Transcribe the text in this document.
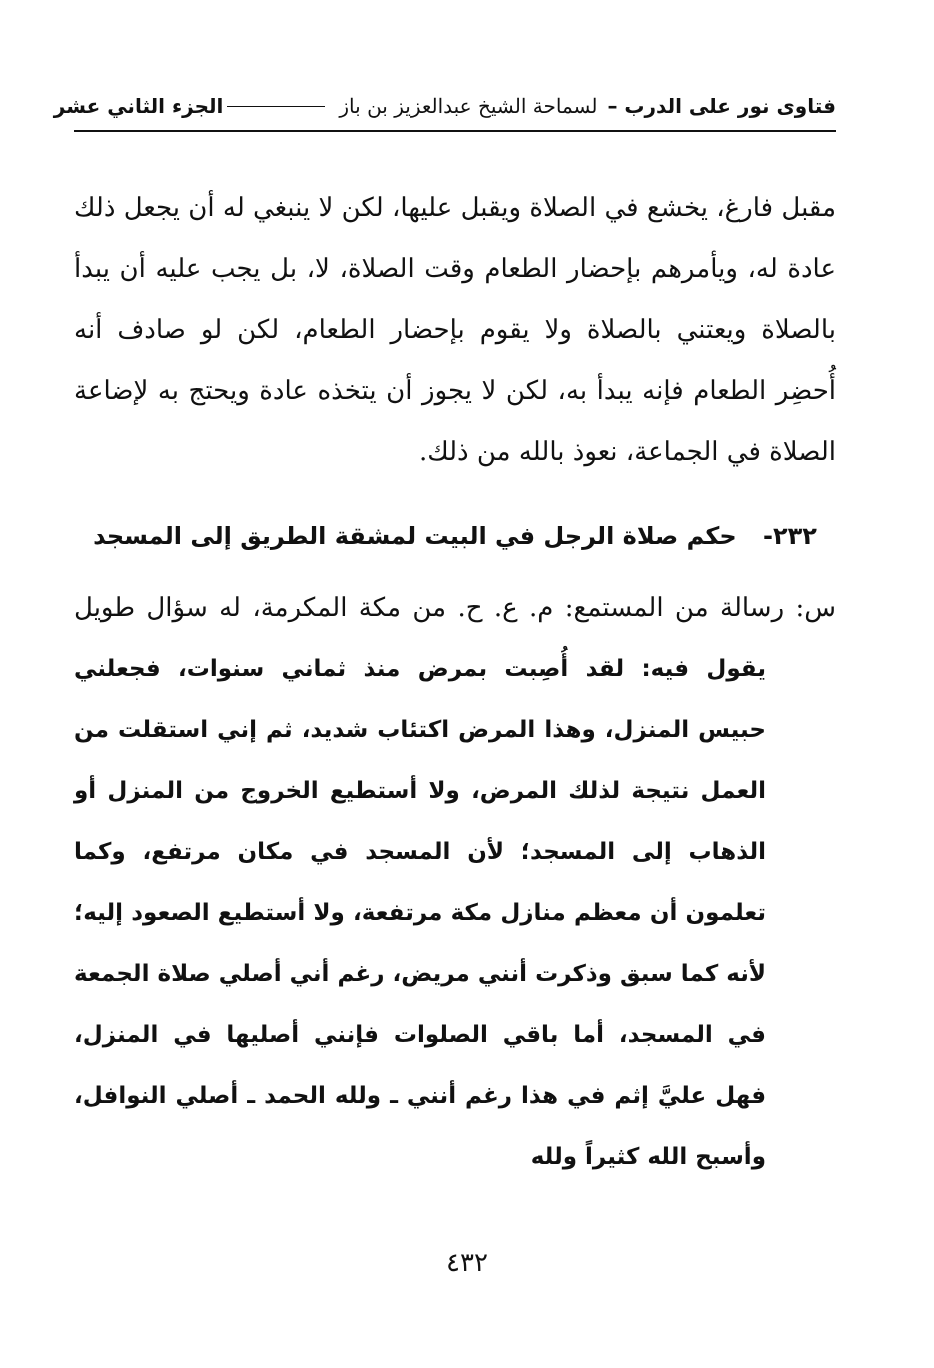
فتاوى نور على الدرب –
لسماحة الشيخ عبدالعزيز بن باز
الجزء الثاني عشر

مقبل فارغ، يخشع في الصلاة ويقبل عليها، لكن لا ينبغي له أن يجعل ذلك عادة له، ويأمرهم بإحضار الطعام وقت الصلاة، لا، بل يجب عليه أن يبدأ بالصلاة ويعتني بالصلاة ولا يقوم بإحضار الطعام، لكن لو صادف أنه أُحضِر الطعام فإنه يبدأ به، لكن لا يجوز أن يتخذه عادة ويحتج به لإضاعة الصلاة في الجماعة، نعوذ بالله من ذلك.

٢٣٢- حكم صلاة الرجل في البيت لمشقة الطريق إلى المسجد
س: رسالة من المستمع: م. ع. ح. من مكة المكرمة، له سؤال طويل
يقول فيه: لقد أُصِبت بمرض منذ ثماني سنوات، فجعلني حبيس المنزل، وهذا المرض اكتئاب شديد، ثم إني استقلت من العمل نتيجة لذلك المرض، ولا أستطيع الخروج من المنزل أو الذهاب إلى المسجد؛ لأن المسجد في مكان مرتفع، وكما تعلمون أن معظم منازل مكة مرتفعة، ولا أستطيع الصعود إليه؛ لأنه كما سبق وذكرت أنني مريض، رغم أني أصلي صلاة الجمعة في المسجد، أما باقي الصلوات فإنني أصليها في المنزل، فهل عليَّ إثم في هذا رغم أنني ـ ولله الحمد ـ أصلي النوافل، وأسبح الله كثيراً ولله
٤٣٢
